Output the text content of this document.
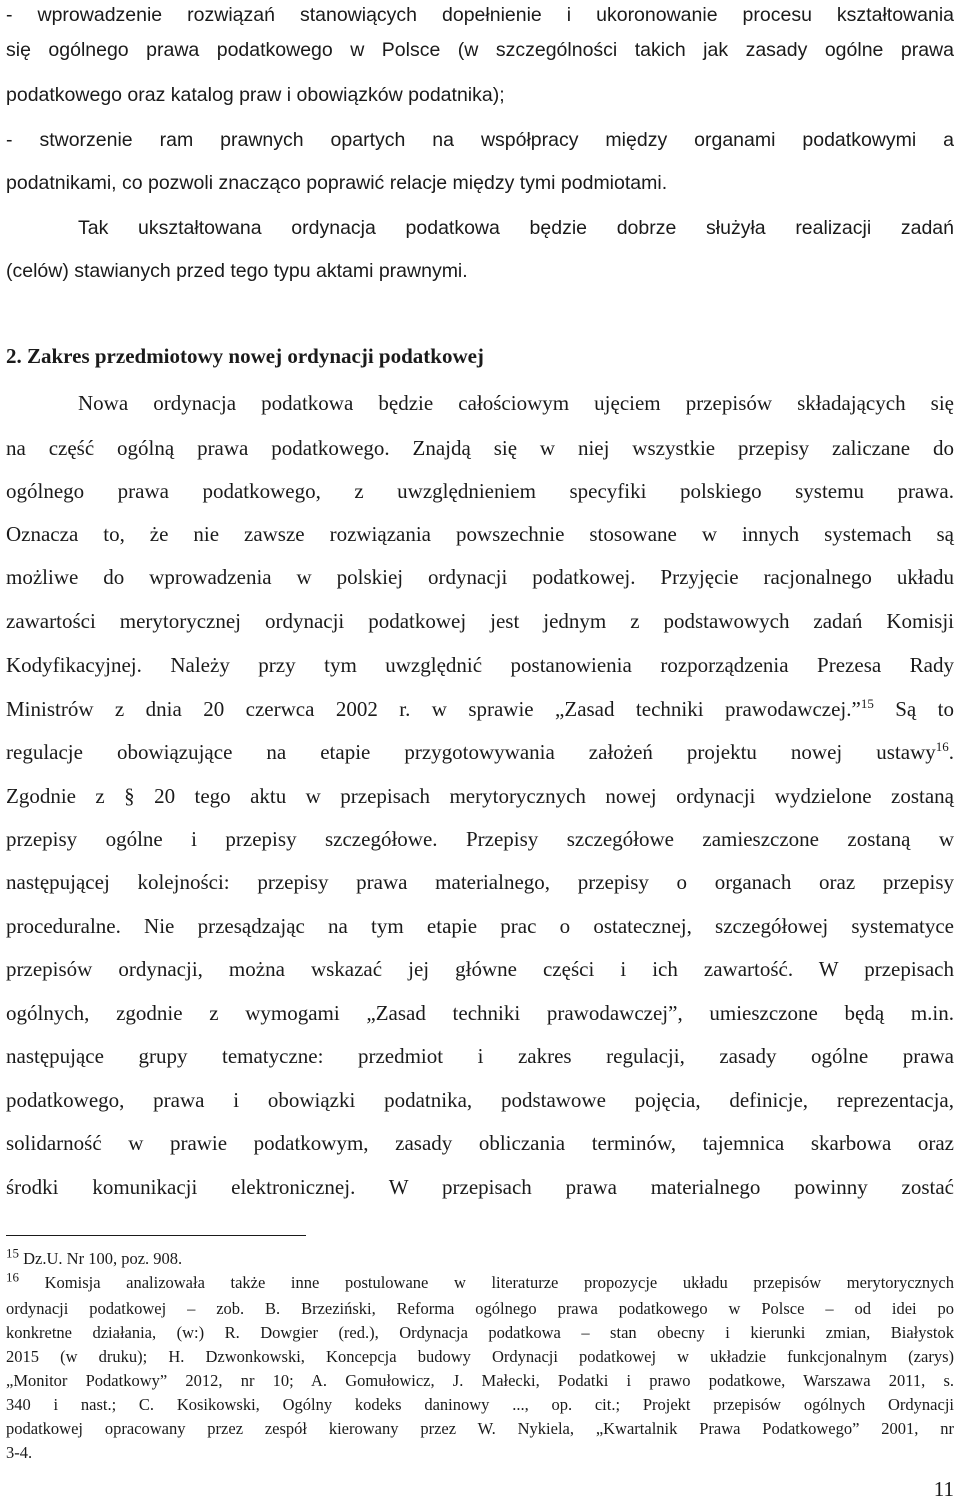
- wprowadzenie rozwiązań stanowiących dopełnienie i ukoronowanie procesu kształtowania
się ogólnego prawa podatkowego w Polsce (w szczególności takich jak zasady ogólne prawa
podatkowego oraz katalog praw i obowiązków podatnika);
- stworzenie ram prawnych opartych na współpracy między organami podatkowymi a
podatnikami, co pozwoli znacząco poprawić relacje między tymi podmiotami.
Tak ukształtowana ordynacja podatkowa będzie dobrze służyła realizacji zadań
(celów) stawianych przed tego typu aktami prawnymi.
2. Zakres przedmiotowy nowej ordynacji podatkowej
Nowa ordynacja podatkowa będzie całościowym ujęciem przepisów składających się
na część ogólną prawa podatkowego. Znajdą się w niej wszystkie przepisy zaliczane do
ogólnego prawa podatkowego, z uwzględnieniem specyfiki polskiego systemu prawa.
Oznacza to, że nie zawsze rozwiązania powszechnie stosowane w innych systemach są
możliwe do wprowadzenia w polskiej ordynacji podatkowej. Przyjęcie racjonalnego układu
zawartości merytorycznej ordynacji podatkowej jest jednym z podstawowych zadań Komisji
Kodyfikacyjnej. Należy przy tym uwzględnić postanowienia rozporządzenia Prezesa Rady
Ministrów z dnia 20 czerwca 2002 r. w sprawie „Zasad techniki prawodawczej.”$^{15}$ Są to
regulacje obowiązujące na etapie przygotowywania założeń projektu nowej ustawy$^{16}$.
Zgodnie z § 20 tego aktu w przepisach merytorycznych nowej ordynacji wydzielone zostaną
przepisy ogólne i przepisy szczegółowe. Przepisy szczegółowe zamieszczone zostaną w
następującej kolejności: przepisy prawa materialnego, przepisy o organach oraz przepisy
proceduralne. Nie przesądzając na tym etapie prac o ostatecznej, szczegółowej systematyce
przepisów ordynacji, można wskazać jej główne części i ich zawartość. W przepisach
ogólnych, zgodnie z wymogami „Zasad techniki prawodawczej”, umieszczone będą m.in.
następujące grupy tematyczne: przedmiot i zakres regulacji, zasady ogólne prawa
podatkowego, prawa i obowiązki podatnika, podstawowe pojęcia, definicje, reprezentacja,
solidarność w prawie podatkowym, zasady obliczania terminów, tajemnica skarbowa oraz
środki komunikacji elektronicznej. W przepisach prawa materialnego powinny zostać
$^{15}$ Dz.U. Nr 100, poz. 908.
$^{16}$ Komisja analizowała także inne postulowane w literaturze propozycje układu przepisów merytorycznych
ordynacji podatkowej – zob. B. Brzeziński, Reforma ogólnego prawa podatkowego w Polsce – od idei po
konkretne działania, (w:) R. Dowgier (red.), Ordynacja podatkowa – stan obecny i kierunki zmian, Białystok
2015 (w druku); H. Dzwonkowski, Koncepcja budowy Ordynacji podatkowej w układzie funkcjonalnym (zarys)
„Monitor Podatkowy” 2012, nr 10; A. Gomułowicz, J. Małecki, Podatki i prawo podatkowe, Warszawa 2011, s.
340 i nast.; C. Kosikowski, Ogólny kodeks daninowy ..., op. cit.; Projekt przepisów ogólnych Ordynacji
podatkowej opracowany przez zespół kierowany przez W. Nykiela, „Kwartalnik Prawa Podatkowego” 2001, nr
3-4.
11
